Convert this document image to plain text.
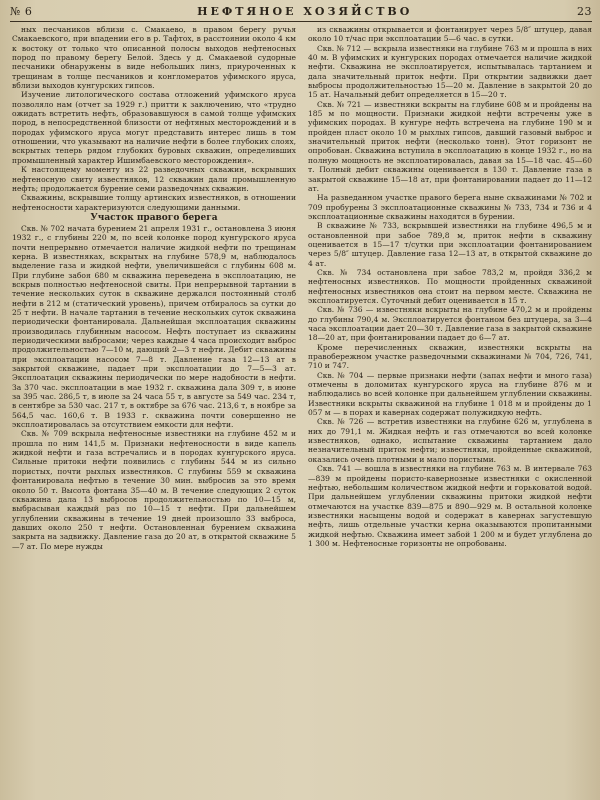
№ 6	НЕФТЯНОЕ ХОЗЯЙСТВО	23

ных песчаников вблизи с. Смакаево, в правом берегу ручья Смакаевского, при впадении его в р. Тафтох, в расстоянии около 4 км к востоку от только что описанной полосы выходов нефтеносных пород по правому берегу Белой. Здесь у д. Смакаевой судорные песчаники обнаружены в виде небольших линз, приуроченных к трещинам в толще песчаников и конгломератов уфимского яруса, вблизи выходов кунгурских гипсов.

Изучение литологического состава отложений уфимского яруса позволяло нам (отчет за 1929 г.) притти к заключению, что «трудно ожидать встретить нефть, образовавшуюся в самой толще уфимских пород, в непосредственной близости от нефтяных месторождений и в породах уфимского яруса могут представить интерес лишь в том отношении, что указывают на наличие нефти в более глубоких слоях, вскрытых теперь рядом глубоких буровых скважин, определивших промышленный характер Ишимбаевского месторождения».

К настоящему моменту из 22 разведочных скважин, вскрывших нефтеносную свиту известняков, 12 скважин дали промышленную нефть; продолжается бурение семи разведочных скважин.

Скважины, вскрывшие толщу артинских известняков, в отношении нефтеносности характеризуются следующими данными.

Участок правого берега

Скв. № 702 начата бурением 21 апреля 1931 г., остановлена 3 июня 1932 г., с глубины 220 м, по всей колонке пород кунгурского яруса почти непрерывно отмечается наличие жидкой нефти по трещинам керна. В известняках, вскрытых на глубине 578,9 м, наблюдалось выделение газа и жидкой нефти, увеличившейся с глубины 608 м. При глубине забоя 680 м скважина переведена в эксплоатацию, не вскрыв полностью нефтеносной свиты. При непрерывной тартании в течение нескольких суток в скважине держался постоянный столб нефти в 212 м (статический уровень), причем отбиралось за сутки до 25 т нефти. В начале тартания в течение нескольких суток скважина периодически фонтанировала. Дальнейшая эксплоатация скважины производилась глубинным насосом. Нефть поступает из скважины периодическими выбросами; через каждые 4 часа происходит выброс продолжительностью 7—10 м, дающий 2—3 т нефти. Дебит скважины при эксплоатации насосом 7—8 т. Давление газа 12—13 ат в закрытой скважине, падает при эксплоатации до 7—5—3 ат. Эксплоатация скважины периодически по мере надобности в нефти. За 370 час. эксплоатации в мае 1932 г. скважина дала 309 т, в июне за 395 час. 286,5 т, в июле за 24 часа 55 т, в августе за 549 час. 234 т, в сентябре за 530 час. 217 т, в октябре за 676 час. 213,6 т, в ноябре за 564,5 час. 160,6 т. В 1933 г. скважина почти совершенно не эксплоатировалась за отсутствием емкости для нефти.

Скв. № 709 вскрыла нефтеносные известняки на глубине 452 м и прошла по ним 141,5 м. Признаки нефтеносности в виде капель жидкой нефти и газа встречались и в породах кунгурского яруса. Сильные притоки нефти появились с глубины 544 м из сильно пористых, почти рыхлых известняков. С глубины 559 м скважина фонтанировала нефтью в течение 30 мин. выбросив за это время около 50 т. Высота фонтана 35—40 м. В течение следующих 2 суток скважина дала 13 выбросов продолжительностью по 10—15 м, выбрасывая каждый раз по 10—15 т нефти. При дальнейшем углублении скважины в течение 19 дней произошло 33 выброса, давших около 250 т нефти. Остановленная бурением скважина закрыта на задвижку. Давление газа до 20 ат, в открытой скважине 5—7 ат. По мере нужды

из скважины открывается и фонтанирует через 5/8″ штуцер, давая около 10 т/час при эксплоатации 5—6 час. в сутки.

Скв. № 712 — вскрыла известняки на глубине 763 м и прошла в них 40 м. В уфимских и кунгурских породах отмечается наличие жидкой нефти. Скважина не эксплоатируется, испытывалась тартанием и дала значительный приток нефти. При открытии задвижки дает выбросы продолжительностью 15—20 м. Давление в закрытой 20 до 15 ат. Начальный дебит определяется в 15—20 т.

Скв. № 721 — известняки вскрыты на глубине 608 м и пройдены на 185 м по мощности. Признаки жидкой нефти встречены уже в уфимских породах. В кунгуре нефть встречена на глубине 190 м и пройден пласт около 10 м рыхлых гипсов, давший газовый выброс и значительный приток нефти (несколько тонн). Этот горизонт не опробован. Скважина вступила в эксплоатацию в конце 1932 г., но на полную мощность не эксплоатировалась, давая за 15—18 час. 45—60 т. Полный дебит скважины оценивается в 130 т. Давление газа в закрытой скважине 15—18 ат, при фонтанировании падает до 11—12 ат.

На разведанном участке правого берега ныне скважинами № 702 и 709 пробурены 3 эксплоатационные скважины № 733, 734 и 736 и 4 эксплоатационные скважины находятся в бурении.

В скважине № 733, вскрывшей известняки на глубине 496,5 м и остановленной при забое 789,8 м, приток нефти в скважину оценивается в 15—17 т/сутки при эксплоатации фонтанированием через 5/8″ штуцер. Давление газа 12—13 ат, в открытой скважине до 4 ат.

Скв. № 734 остановлена при забое 783,2 м, пройдя 336,2 м нефтеносных известняков. По мощности пройденных скважиной нефтеносных известняков она стоит на первом месте. Скважина не эксплоатируется. Суточный дебит оценивается в 15 т.

Скв. № 736 — известняки вскрыты на глубине 470,2 м и пройдены до глубины 790,4 м. Эксплоатируется фонтаном без штуцера, за 3—4 часа эксплоатации дает 20—30 т. Давление газа в закрытой скважине 18—20 ат, при фонтанировании падает до 6—7 ат.

Кроме перечисленных скважин, известняки вскрыты на правобережном участке разведочными скважинами № 704, 726, 741, 710 и 747.

Скв. № 704 — первые признаки нефти (запах нефти и много газа) отмечены в доломитах кунгурского яруса на глубине 876 м и наблюдались во всей колонке при дальнейшем углублении скважины. Известняки вскрыты скважиной на глубине 1 018 м и пройдены до 1 057 м — в порах и кавернах содержат полужидкую нефть.

Скв. № 726 — встретив известняки на глубине 626 м, углублена в них до 791,1 м. Жидкая нефть и газ отмечаются во всей колонке известняков, однако, испытание скважины тартанием дало незначительный приток нефти; известняки, пройденные скважиной, оказались очень плотными и мало пористыми.

Скв. 741 — вошла в известняки на глубине 763 м. В интервале 763—839 м пройдены пористо-кавернозные известняки с окисленной нефтью, небольшим количеством жидкой нефти и горьковатой водой. При дальнейшем углублении скважины притоки жидкой нефти отмечаются на участке 839—875 и 890—929 м. В остальной колонке известняки насыщены водой и содержат в кавернах загустевшую нефть, лишь отдельные участки керна оказываются пропитанными жидкой нефтью. Скважина имеет забой 1 200 м и будет углублена до 1 300 м. Нефтеносные горизонты не опробованы.
